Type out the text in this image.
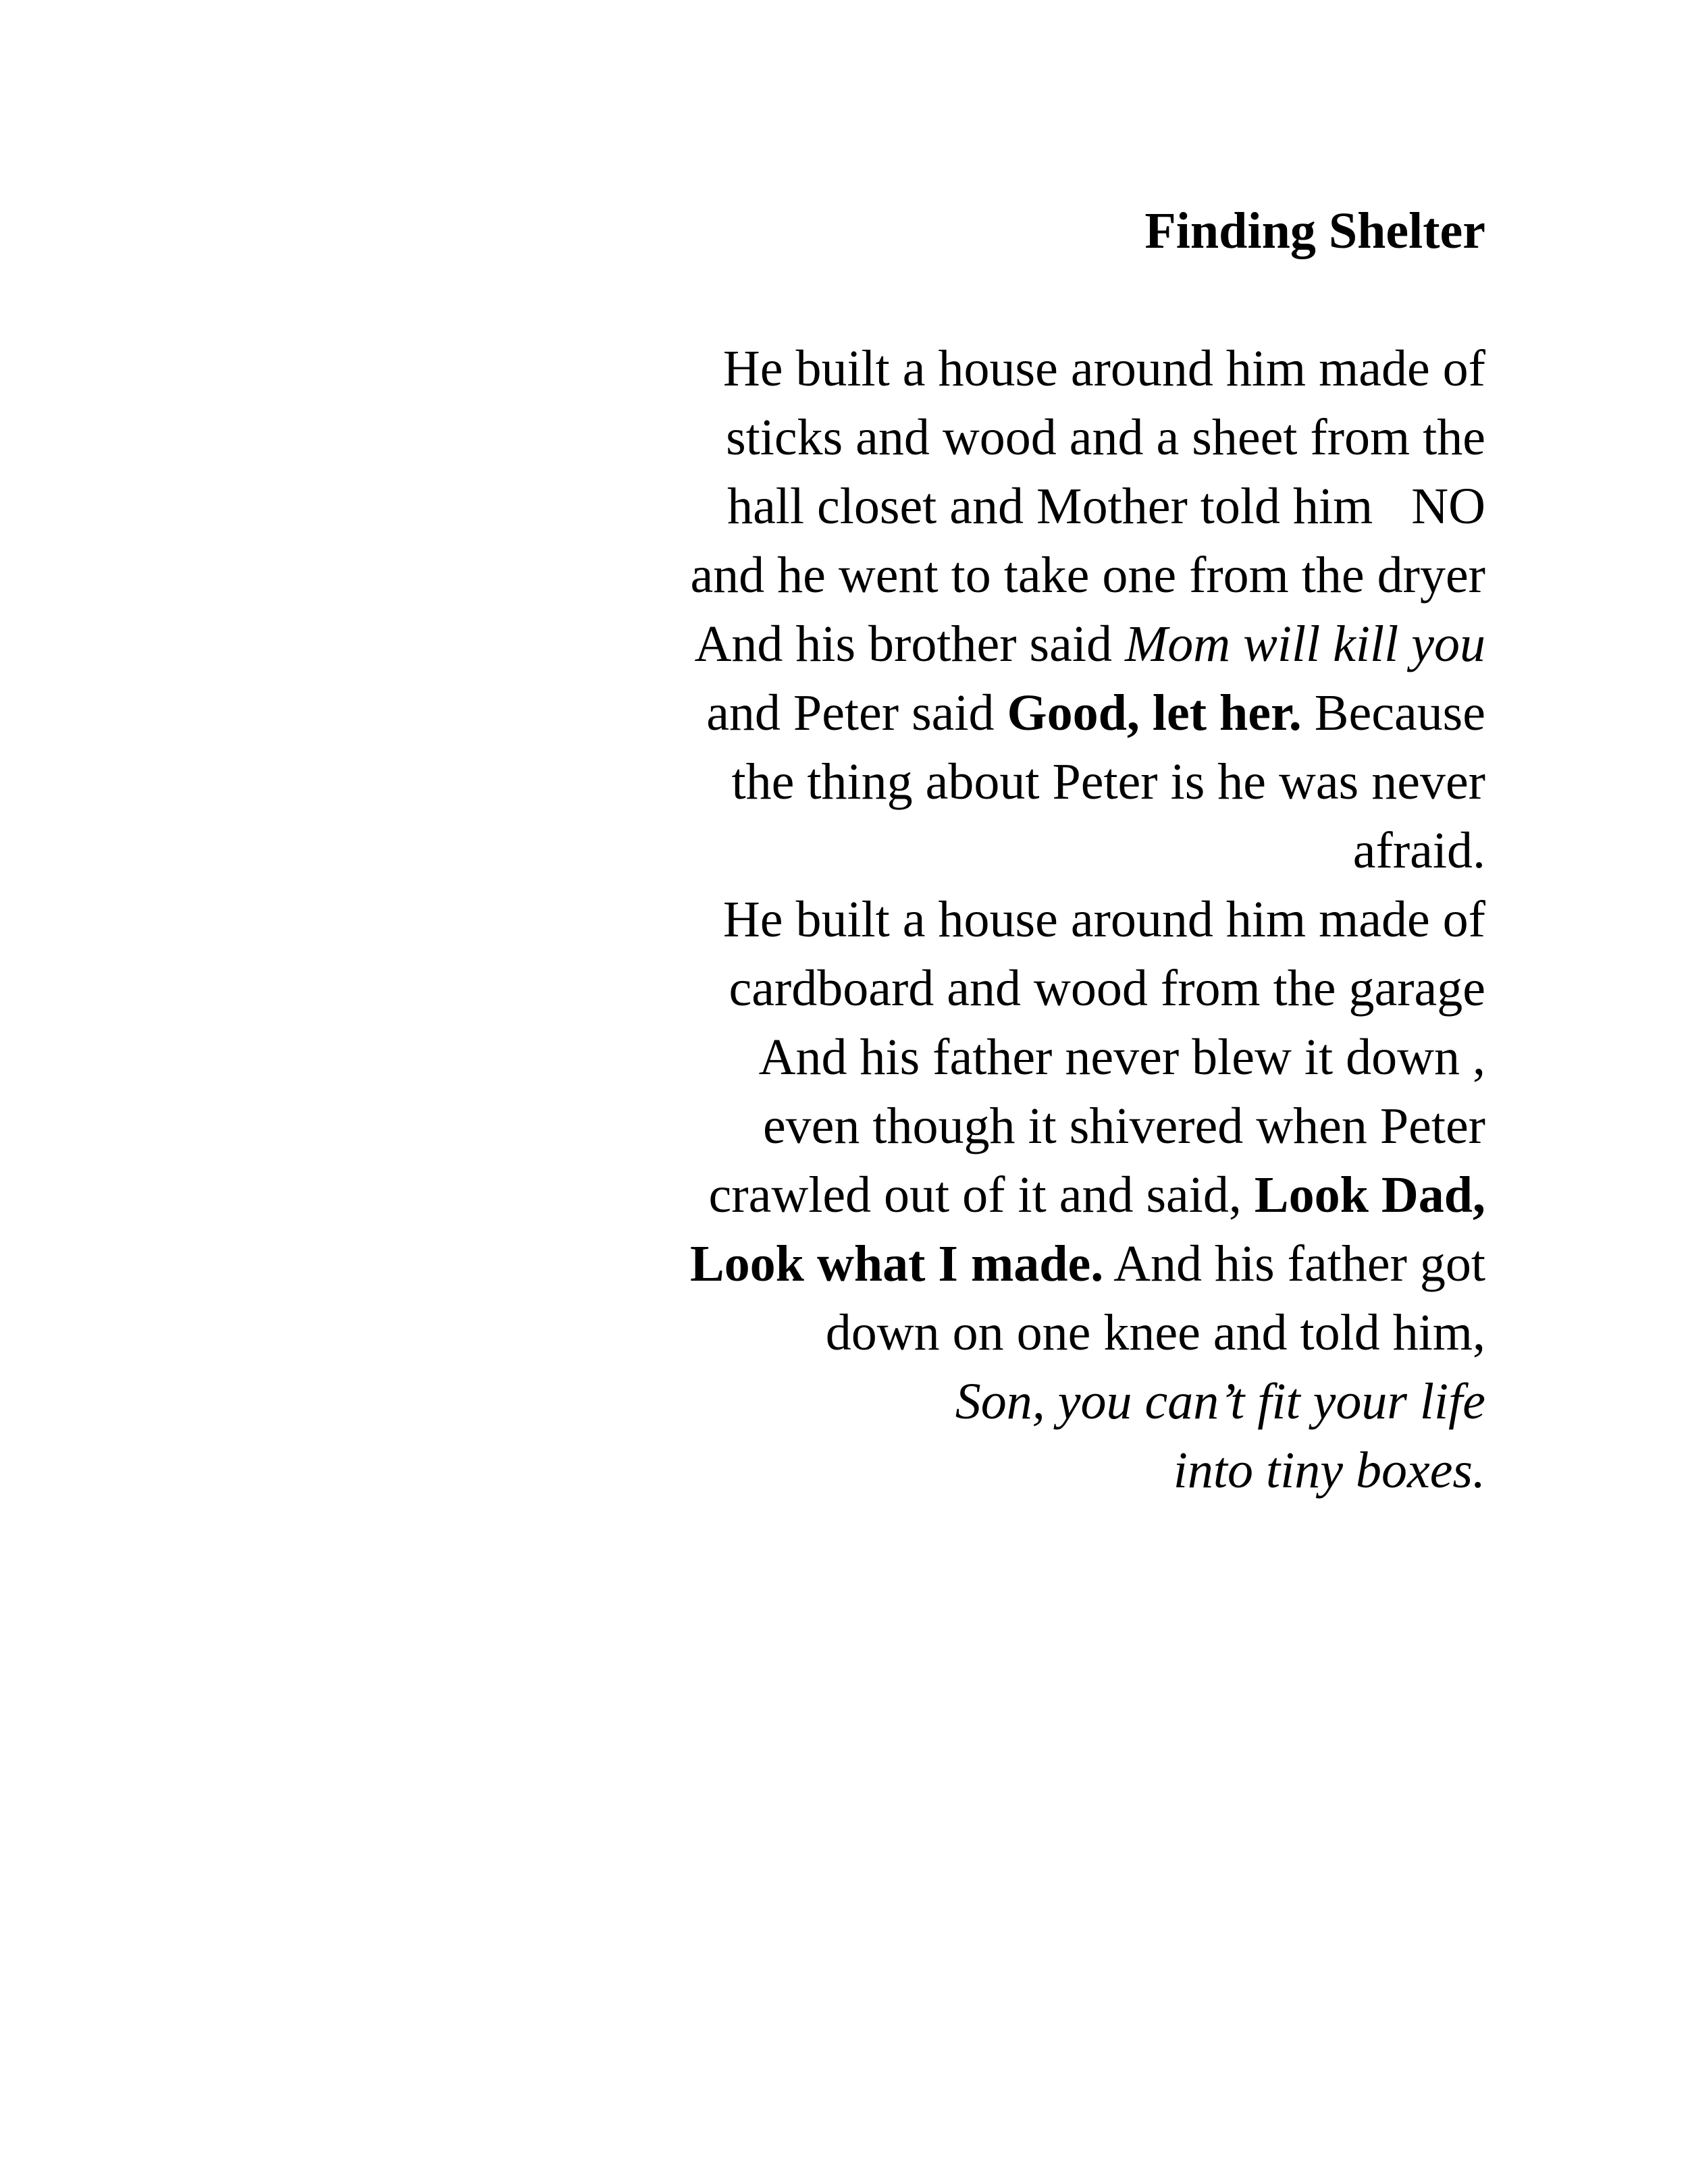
Finding Shelter
He built a house around him made of
sticks and wood and a sheet from the
hall closet and Mother told him   NO
and he went to take one from the dryer
And his brother said Mom will kill you
and Peter said Good, let her. Because
the thing about Peter is he was never
afraid.
He built a house around him made of
cardboard and wood from the garage
And his father never blew it down ,
even though it shivered when Peter
crawled out of it and said, Look Dad,
Look what I made. And his father got
down on one knee and told him,
Son, you can’t fit your life
into tiny boxes.
